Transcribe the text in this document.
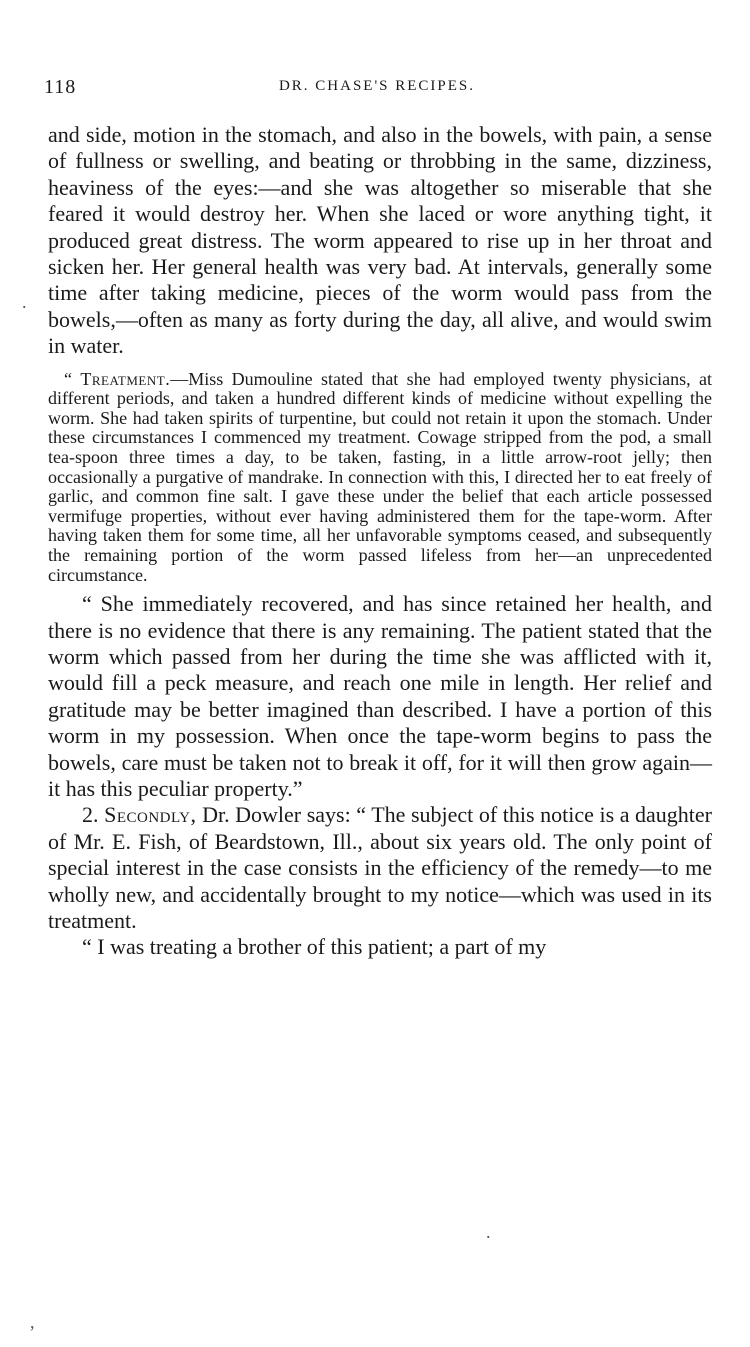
118	DR. CHASE'S RECIPES.

and side, motion in the stomach, and also in the bowels, with pain, a sense of fullness or swelling, and beating or throbbing in the same, dizziness, heaviness of the eyes:—and she was altogether so miserable that she feared it would destroy her. When she laced or wore anything tight, it produced great distress. The worm appeared to rise up in her throat and sicken her. Her general health was very bad. At intervals, generally some time after taking medicine, pieces of the worm would pass from the bowels,—often as many as forty during the day, all alive, and would swim in water.

“ Treatment.—Miss Dumouline stated that she had employed twenty physicians, at different periods, and taken a hundred different kinds of medicine without expelling the worm. She had taken spirits of turpentine, but could not retain it upon the stomach. Under these circumstances I commenced my treatment. Cowage stripped from the pod, a small tea-spoon three times a day, to be taken, fasting, in a little arrow-root jelly; then occasionally a purgative of mandrake. In connection with this, I directed her to eat freely of garlic, and common fine salt. I gave these under the belief that each article possessed vermifuge properties, without ever having administered them for the tape-worm. After having taken them for some time, all her unfavorable symptoms ceased, and subsequently the remaining portion of the worm passed lifeless from her—an unprecedented circumstance.

“ She immediately recovered, and has since retained her health, and there is no evidence that there is any remaining. The patient stated that the worm which passed from her during the time she was afflicted with it, would fill a peck measure, and reach one mile in length. Her relief and gratitude may be better imagined than described. I have a portion of this worm in my possession. When once the tape-worm begins to pass the bowels, care must be taken not to break it off, for it will then grow again—it has this peculiar property.”

2. Secondly, Dr. Dowler says: “ The subject of this notice is a daughter of Mr. E. Fish, of Beardstown, Ill., about six years old. The only point of special interest in the case consists in the efficiency of the remedy—to me wholly new, and accidentally brought to my notice—which was used in its treatment.

“ I was treating a brother of this patient; a part of my

.
,
.
